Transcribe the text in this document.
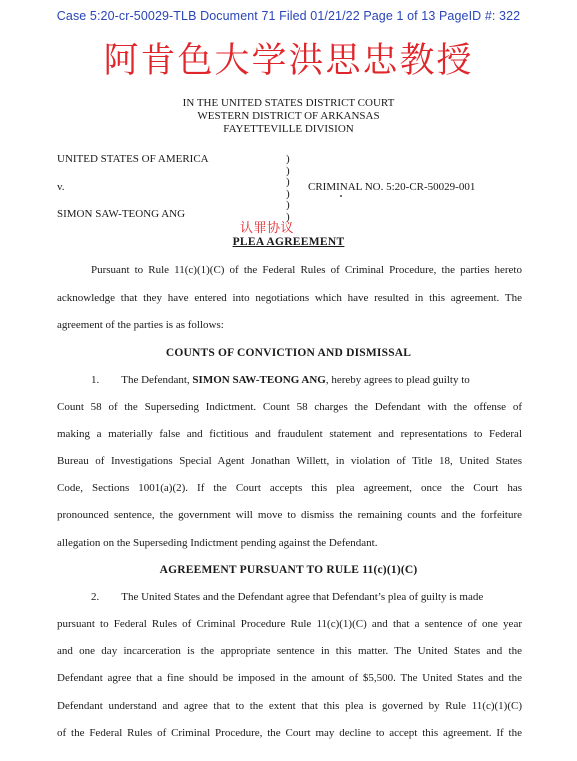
Case 5:20-cr-50029-TLB Document 71 Filed 01/21/22 Page 1 of 13 PageID #: 322
阿肯色大学洪思忠教授
IN THE UNITED STATES DISTRICT COURT
WESTERN DISTRICT OF ARKANSAS
FAYETTEVILLE DIVISION
UNITED STATES OF AMERICA
v.
SIMON SAW-TEONG ANG
)
)
)
)
)
)
CRIMINAL NO. 5:20-CR-50029-001
认罪协议
PLEA AGREEMENT
Pursuant to Rule 11(c)(1)(C) of the Federal Rules of Criminal Procedure, the parties hereto
acknowledge that they have entered into negotiations which have resulted in this agreement. The
agreement of the parties is as follows:
COUNTS OF CONVICTION AND DISMISSAL
1. The Defendant, SIMON SAW-TEONG ANG, hereby agrees to plead guilty to
Count 58 of the Superseding Indictment. Count 58 charges the Defendant with the offense of
making a materially false and fictitious and fraudulent statement and representations to Federal
Bureau of Investigations Special Agent Jonathan Willett, in violation of Title 18, United States
Code, Sections 1001(a)(2). If the Court accepts this plea agreement, once the Court has
pronounced sentence, the government will move to dismiss the remaining counts and the forfeiture
allegation on the Superseding Indictment pending against the Defendant.
AGREEMENT PURSUANT TO RULE 11(c)(1)(C)
2. The United States and the Defendant agree that Defendant’s plea of guilty is made
pursuant to Federal Rules of Criminal Procedure Rule 11(c)(1)(C) and that a sentence of one year
and one day incarceration is the appropriate sentence in this matter. The United States and the
Defendant agree that a fine should be imposed in the amount of $5,500. The United States and the
Defendant understand and agree that to the extent that this plea is governed by Rule 11(c)(1)(C)
of the Federal Rules of Criminal Procedure, the Court may decline to accept this agreement. If the
